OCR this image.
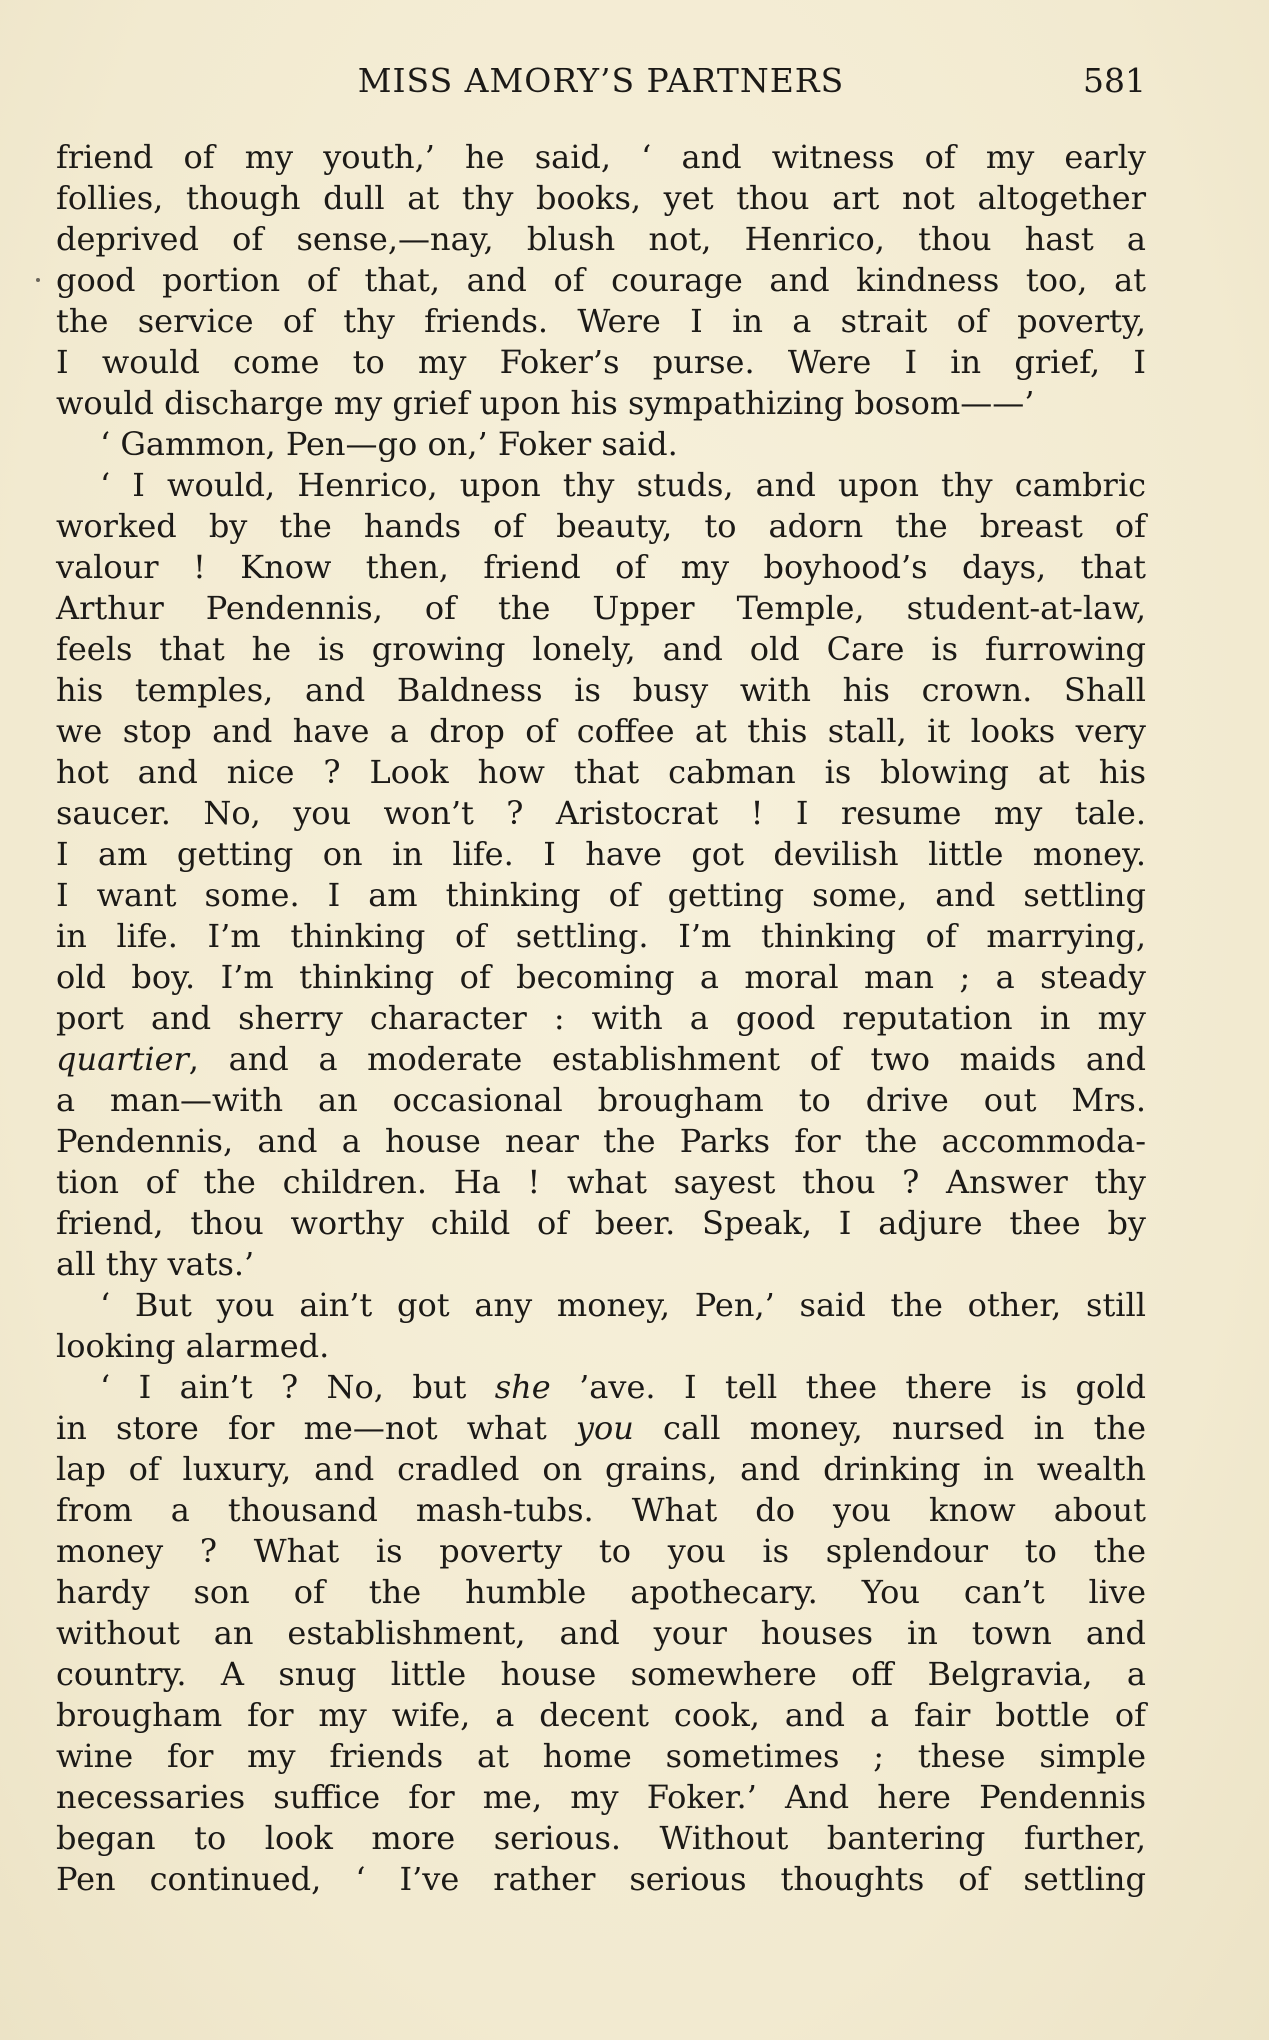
MISS AMORY’S PARTNERS	581
friend of my youth,’ he said, ‘ and witness of my early
follies, though dull at thy books, yet thou art not altogether
deprived of sense,—nay, blush not, Henrico, thou hast a
good portion of that, and of courage and kindness too, at
the service of thy friends. Were I in a strait of poverty,
I would come to my Foker’s purse. Were I in grief, I
would discharge my grief upon his sympathizing bosom——’
‘ Gammon, Pen—go on,’ Foker said.
‘ I would, Henrico, upon thy studs, and upon thy cambric
worked by the hands of beauty, to adorn the breast of
valour ! Know then, friend of my boyhood’s days, that
Arthur Pendennis, of the Upper Temple, student-at-law,
feels that he is growing lonely, and old Care is furrowing
his temples, and Baldness is busy with his crown. Shall
we stop and have a drop of coffee at this stall, it looks very
hot and nice ? Look how that cabman is blowing at his
saucer. No, you won’t ? Aristocrat ! I resume my tale.
I am getting on in life. I have got devilish little money.
I want some. I am thinking of getting some, and settling
in life. I’m thinking of settling. I’m thinking of marrying,
old boy. I’m thinking of becoming a moral man ; a steady
port and sherry character : with a good reputation in my
quartier, and a moderate establishment of two maids and
a man—with an occasional brougham to drive out Mrs.
Pendennis, and a house near the Parks for the accommoda-
tion of the children. Ha ! what sayest thou ? Answer thy
friend, thou worthy child of beer. Speak, I adjure thee by
all thy vats.’
‘ But you ain’t got any money, Pen,’ said the other, still
looking alarmed.
‘ I ain’t ? No, but she ’ave. I tell thee there is gold
in store for me—not what you call money, nursed in the
lap of luxury, and cradled on grains, and drinking in wealth
from a thousand mash-tubs. What do you know about
money ? What is poverty to you is splendour to the
hardy son of the humble apothecary. You can’t live
without an establishment, and your houses in town and
country. A snug little house somewhere off Belgravia, a
brougham for my wife, a decent cook, and a fair bottle of
wine for my friends at home sometimes ; these simple
necessaries suffice for me, my Foker.’ And here Pendennis
began to look more serious. Without bantering further,
Pen continued, ‘ I’ve rather serious thoughts of settling
